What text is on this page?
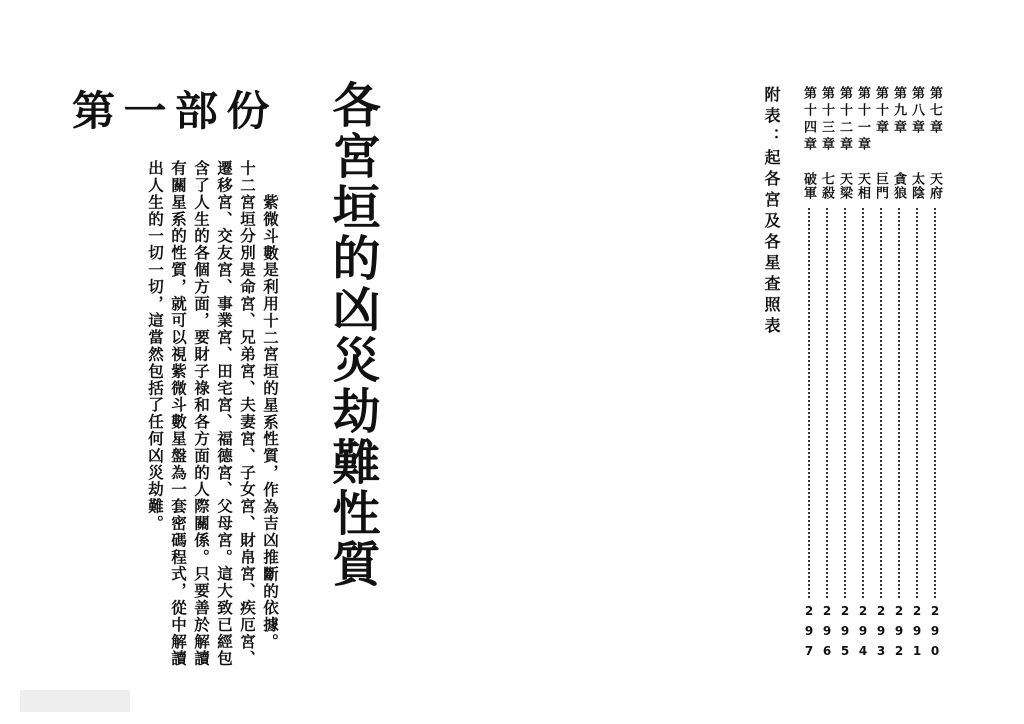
第一部份 各宮垣的凶災劫難性質
紫微斗數是利用十二宮垣的星系性質，作為吉凶推斷的依據。
十二宮垣分別是命宮、兄弟宮、夫妻宮、子女宮、財帛宮、疾厄宮、
遷移宮、交友宮、事業宮、田宅宮、福德宮、父母宮。這大致已經包
含了人生的各個方面，要財子祿和各方面的人際關係。只要善於解讀
有關星系的性質，就可以視紫微斗數星盤為一套密碼程式，從中解讀
出人生的一切一切，這當然包括了任何凶災劫難。	附表：起各宮及各星查照表	第七章
天府
290
第八章
太陰
291
第九章
貪狼
292
第十章
巨門
293
第十一章
天相
294
第十二章
天梁
295
第十三章
七殺
296
第十四章
破軍
297
